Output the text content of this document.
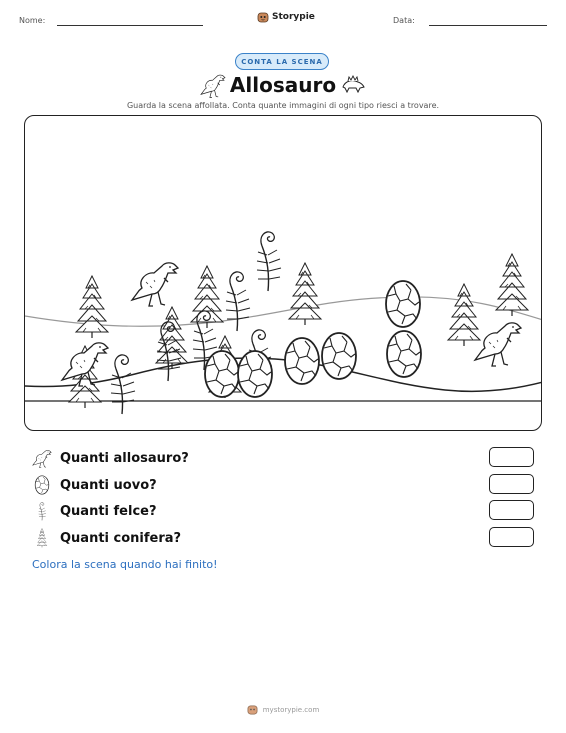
Nome:	Storypie	Data:
CONTA LA SCENA
Allosauro
Guarda la scena affollata. Conta quante immagini di ogni tipo riesci a trovare.
Quanti allosauro?
Quanti uovo?
Quanti felce?
Quanti conifera?
Colora la scena quando hai finito!
mystorypie.com
